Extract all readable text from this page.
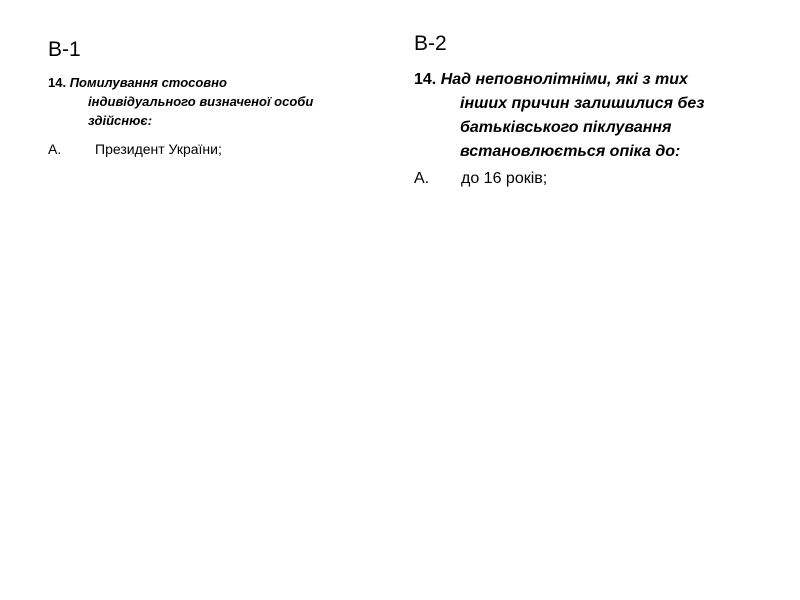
B-1
14. Помилування стосовно
індивідуального визначеної особи
здійснює:
А. Президент України;
B-2
14. Над неповнолітніми, які з тих
інших причин залишилися без
батьківського піклування
встановлюється опіка до:
А. до 16 років;
